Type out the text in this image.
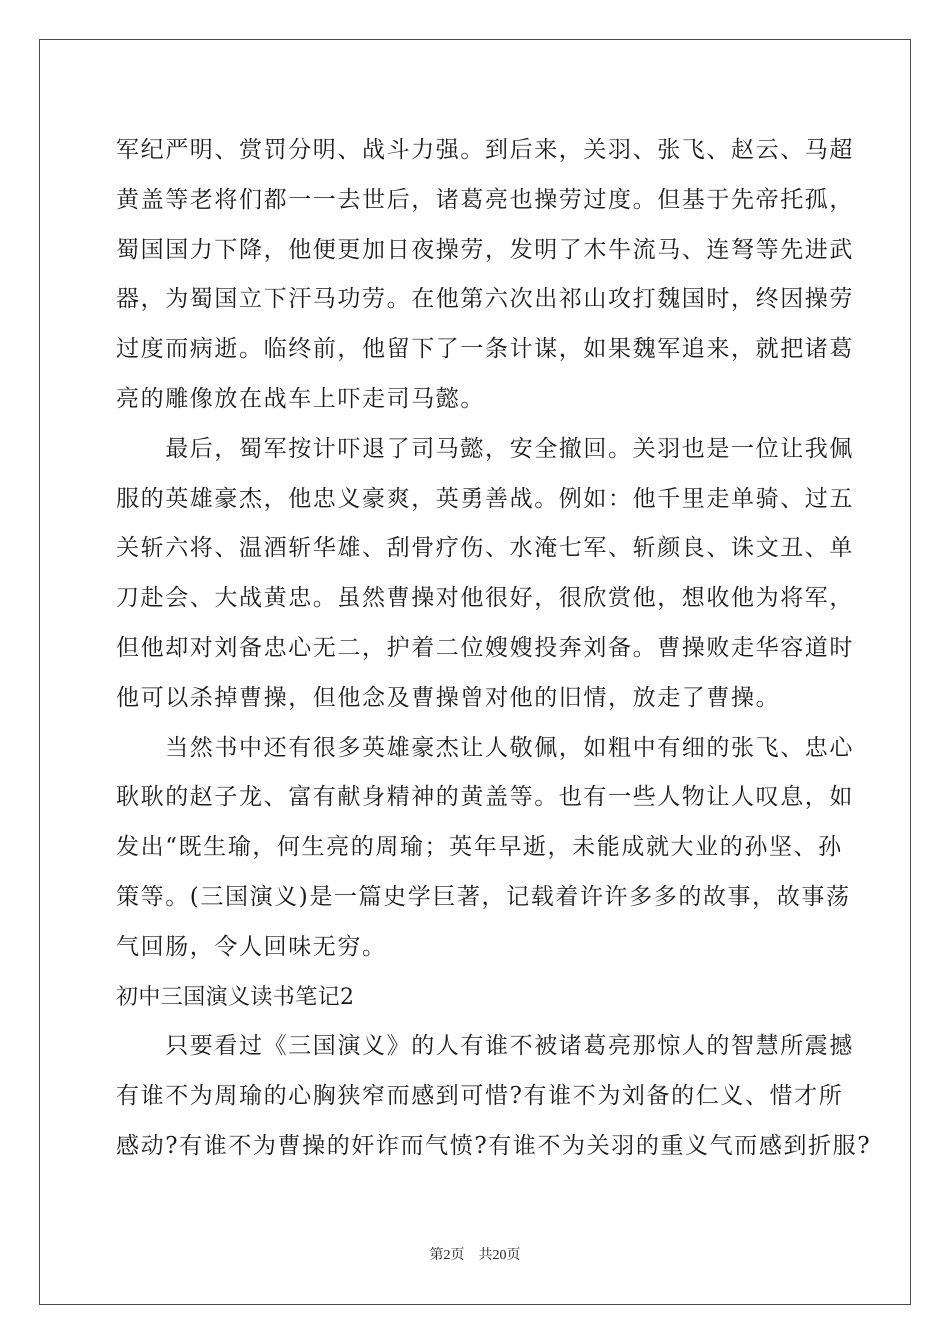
军纪严明、赏罚分明、战斗力强。到后来，关羽、张飞、赵云、马超
黄盖等老将们都一一去世后，诸葛亮也操劳过度。但基于先帝托孤，
蜀国国力下降，他便更加日夜操劳，发明了木牛流马、连弩等先进武
器，为蜀国立下汗马功劳。在他第六次出祁山攻打魏国时，终因操劳
过度而病逝。临终前，他留下了一条计谋，如果魏军追来，就把诸葛
亮的雕像放在战车上吓走司马懿。
　　最后，蜀军按计吓退了司马懿，安全撤回。关羽也是一位让我佩
服的英雄豪杰，他忠义豪爽，英勇善战。例如：他千里走单骑、过五
关斩六将、温酒斩华雄、刮骨疗伤、水淹七军、斩颜良、诛文丑、单
刀赴会、大战黄忠。虽然曹操对他很好，很欣赏他，想收他为将军，
但他却对刘备忠心无二，护着二位嫂嫂投奔刘备。曹操败走华容道时
他可以杀掉曹操，但他念及曹操曾对他的旧情，放走了曹操。
　　当然书中还有很多英雄豪杰让人敬佩，如粗中有细的张飞、忠心
耿耿的赵子龙、富有献身精神的黄盖等。也有一些人物让人叹息，如
发出“既生瑜，何生亮的周瑜；英年早逝，未能成就大业的孙坚、孙
策等。(三国演义)是一篇史学巨著，记载着许许多多的故事，故事荡
气回肠，令人回味无穷。
初中三国演义读书笔记2
　　只要看过《三国演义》的人有谁不被诸葛亮那惊人的智慧所震撼
有谁不为周瑜的心胸狭窄而感到可惜?有谁不为刘备的仁义、惜才所
感动?有谁不为曹操的奸诈而气愤?有谁不为关羽的重义气而感到折服?
第2页 共20页
